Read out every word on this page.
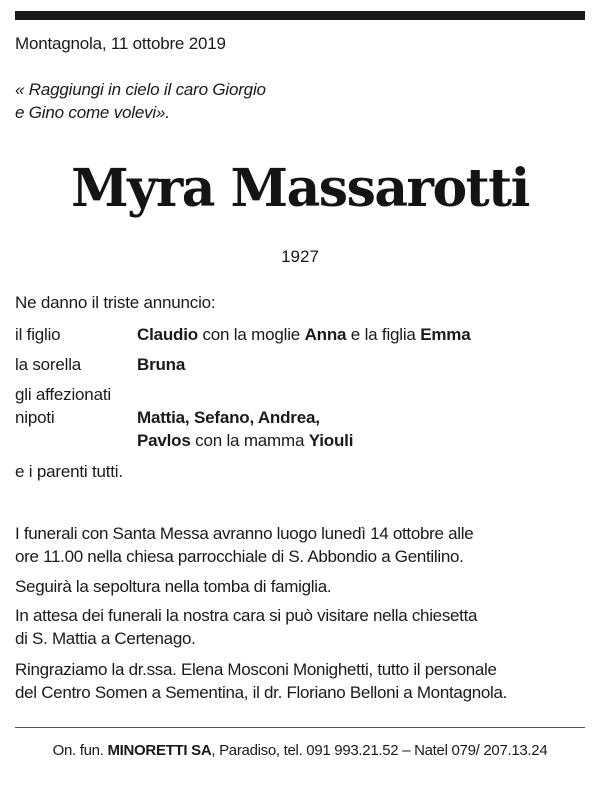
Montagnola, 11 ottobre 2019
« Raggiungi in cielo il caro Giorgio
e Gino come volevi».
Myra Massarotti
1927
Ne danno il triste annuncio:
il figlio	Claudio con la moglie Anna e la figlia Emma
la sorella	Bruna
gli affezionati
nipoti	Mattia, Sefano, Andrea,
Pavlos con la mamma Yiouli
e i parenti tutti.
I funerali con Santa Messa avranno luogo lunedì 14 ottobre alle
ore 11.00 nella chiesa parrocchiale di S. Abbondio a Gentilino.
Seguirà la sepoltura nella tomba di famiglia.
In attesa dei funerali la nostra cara si può visitare nella chiesetta
di S. Mattia a Certenago.
Ringraziamo la dr.ssa. Elena Mosconi Monighetti, tutto il personale
del Centro Somen a Sementina, il dr. Floriano Belloni a Montagnola.
On. fun. MINORETTI SA, Paradiso, tel. 091 993.21.52 – Natel 079/ 207.13.24
